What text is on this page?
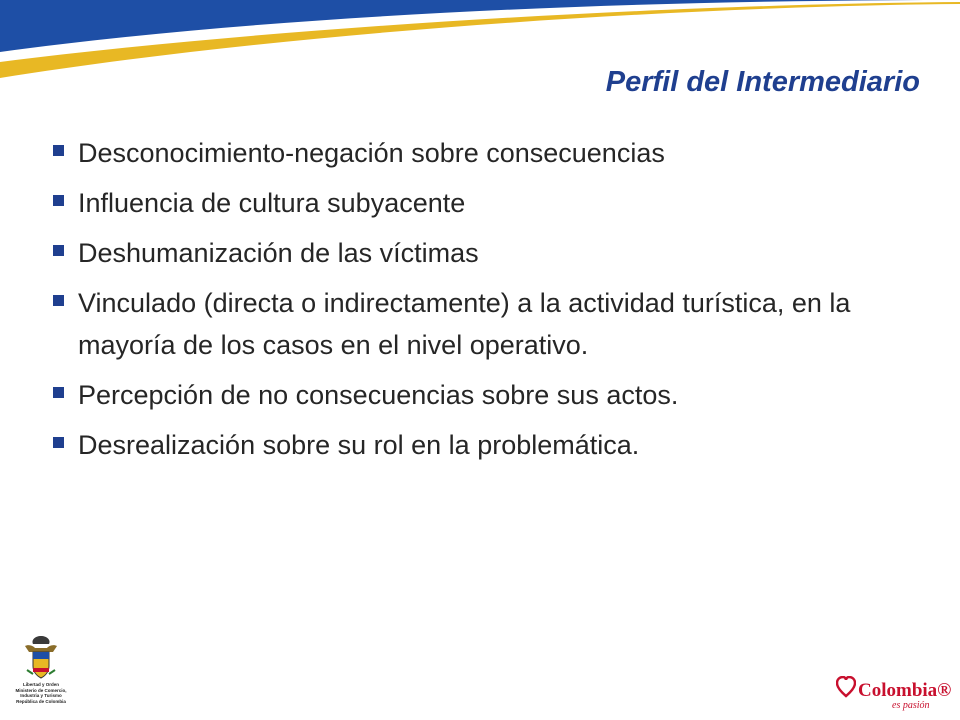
Perfil del Intermediario
Desconocimiento-negación sobre consecuencias
Influencia de cultura subyacente
Deshumanización de las víctimas
Vinculado (directa o indirectamente) a la actividad turística, en la mayoría de los casos en el nivel operativo.
Percepción de no consecuencias sobre sus actos.
Desrealización sobre su rol en la problemática.
Libertad y Orden
Ministerio de Comercio,
Industria y Turismo
República de Colombia	Colombia®
es pasión
